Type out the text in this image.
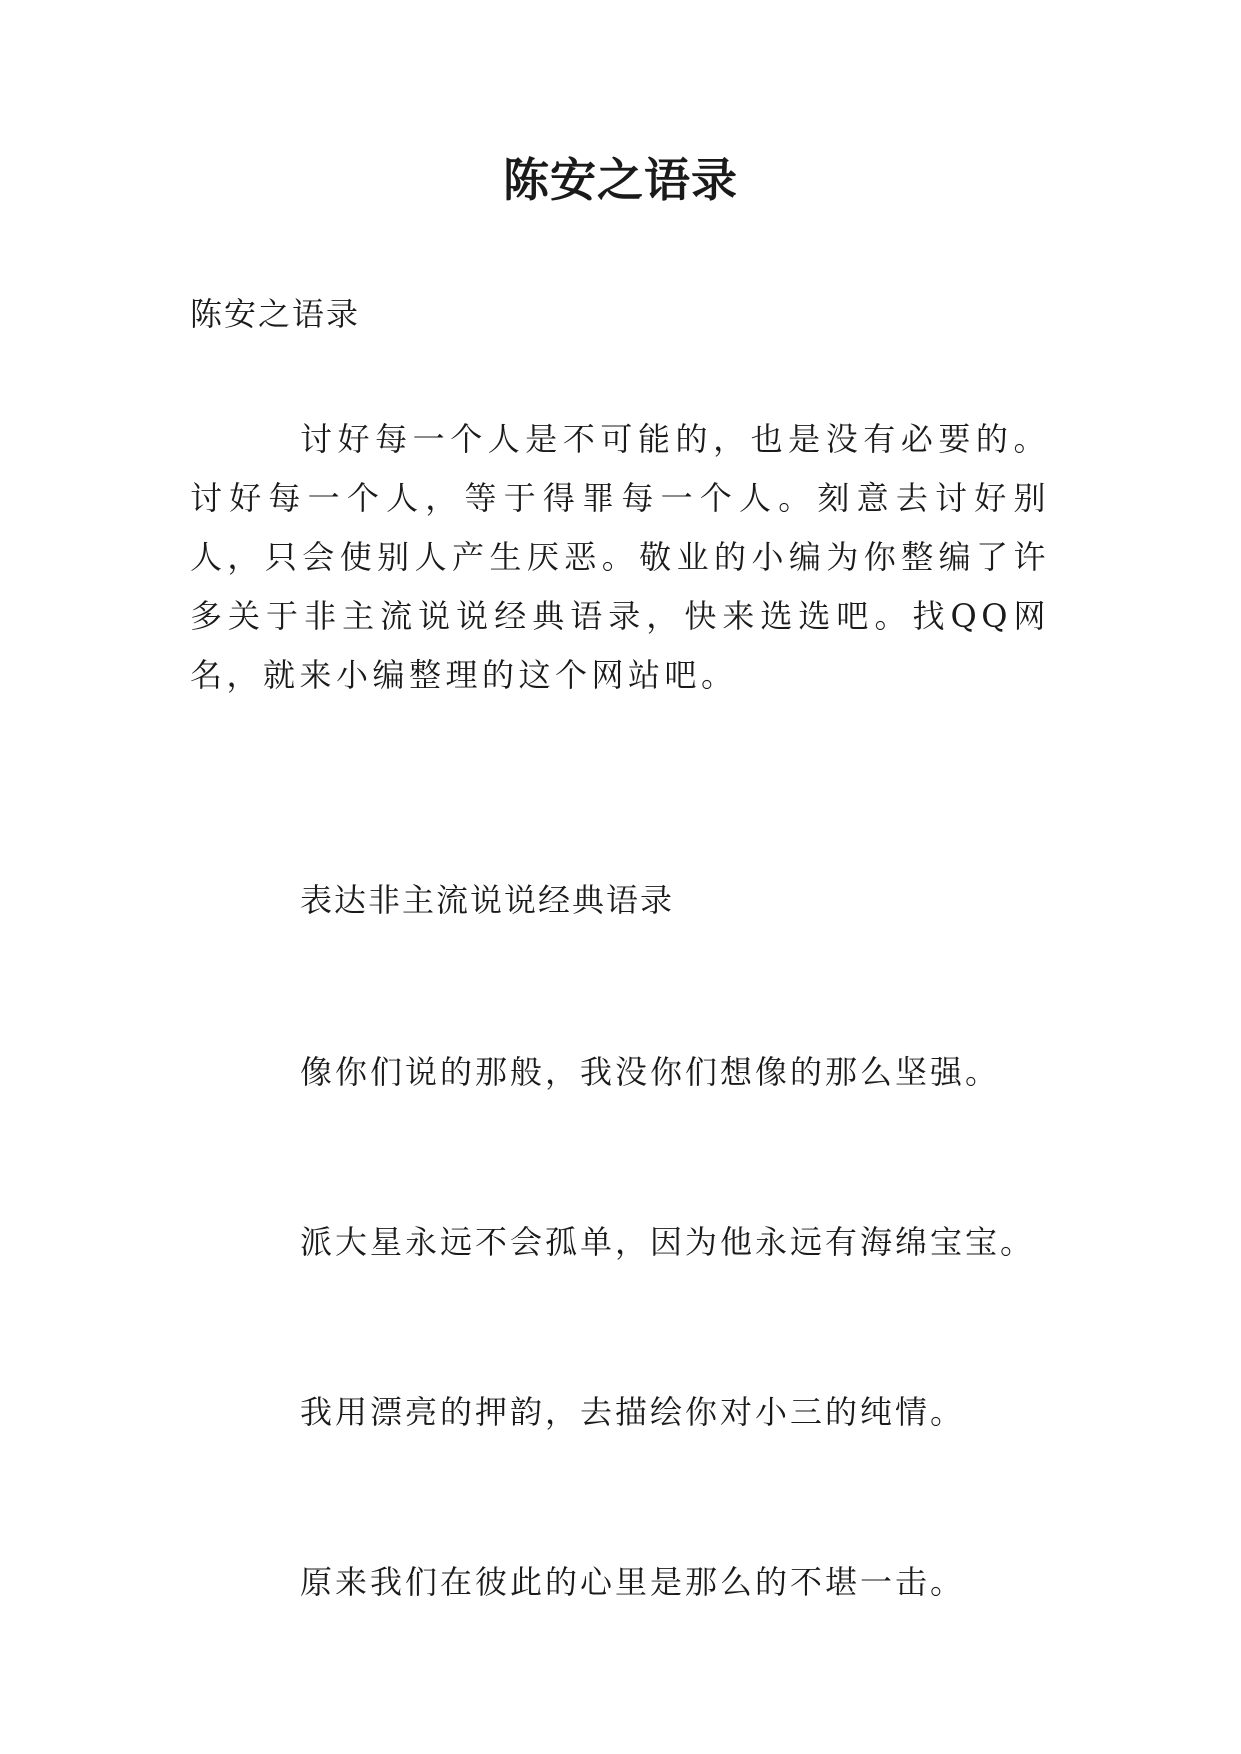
陈安之语录
陈安之语录

讨好每一个人是不可能的，也是没有必要的。讨好每一个人，等于得罪每一个人。刻意去讨好别人，只会使别人产生厌恶。敬业的小编为你整编了许多关于非主流说说经典语录，快来选选吧。找QQ网名，就来小编整理的这个网站吧。

表达非主流说说经典语录
像你们说的那般，我没你们想像的那么坚强。
派大星永远不会孤单，因为他永远有海绵宝宝。
我用漂亮的押韵，去描绘你对小三的纯情。
原来我们在彼此的心里是那么的不堪一击。
